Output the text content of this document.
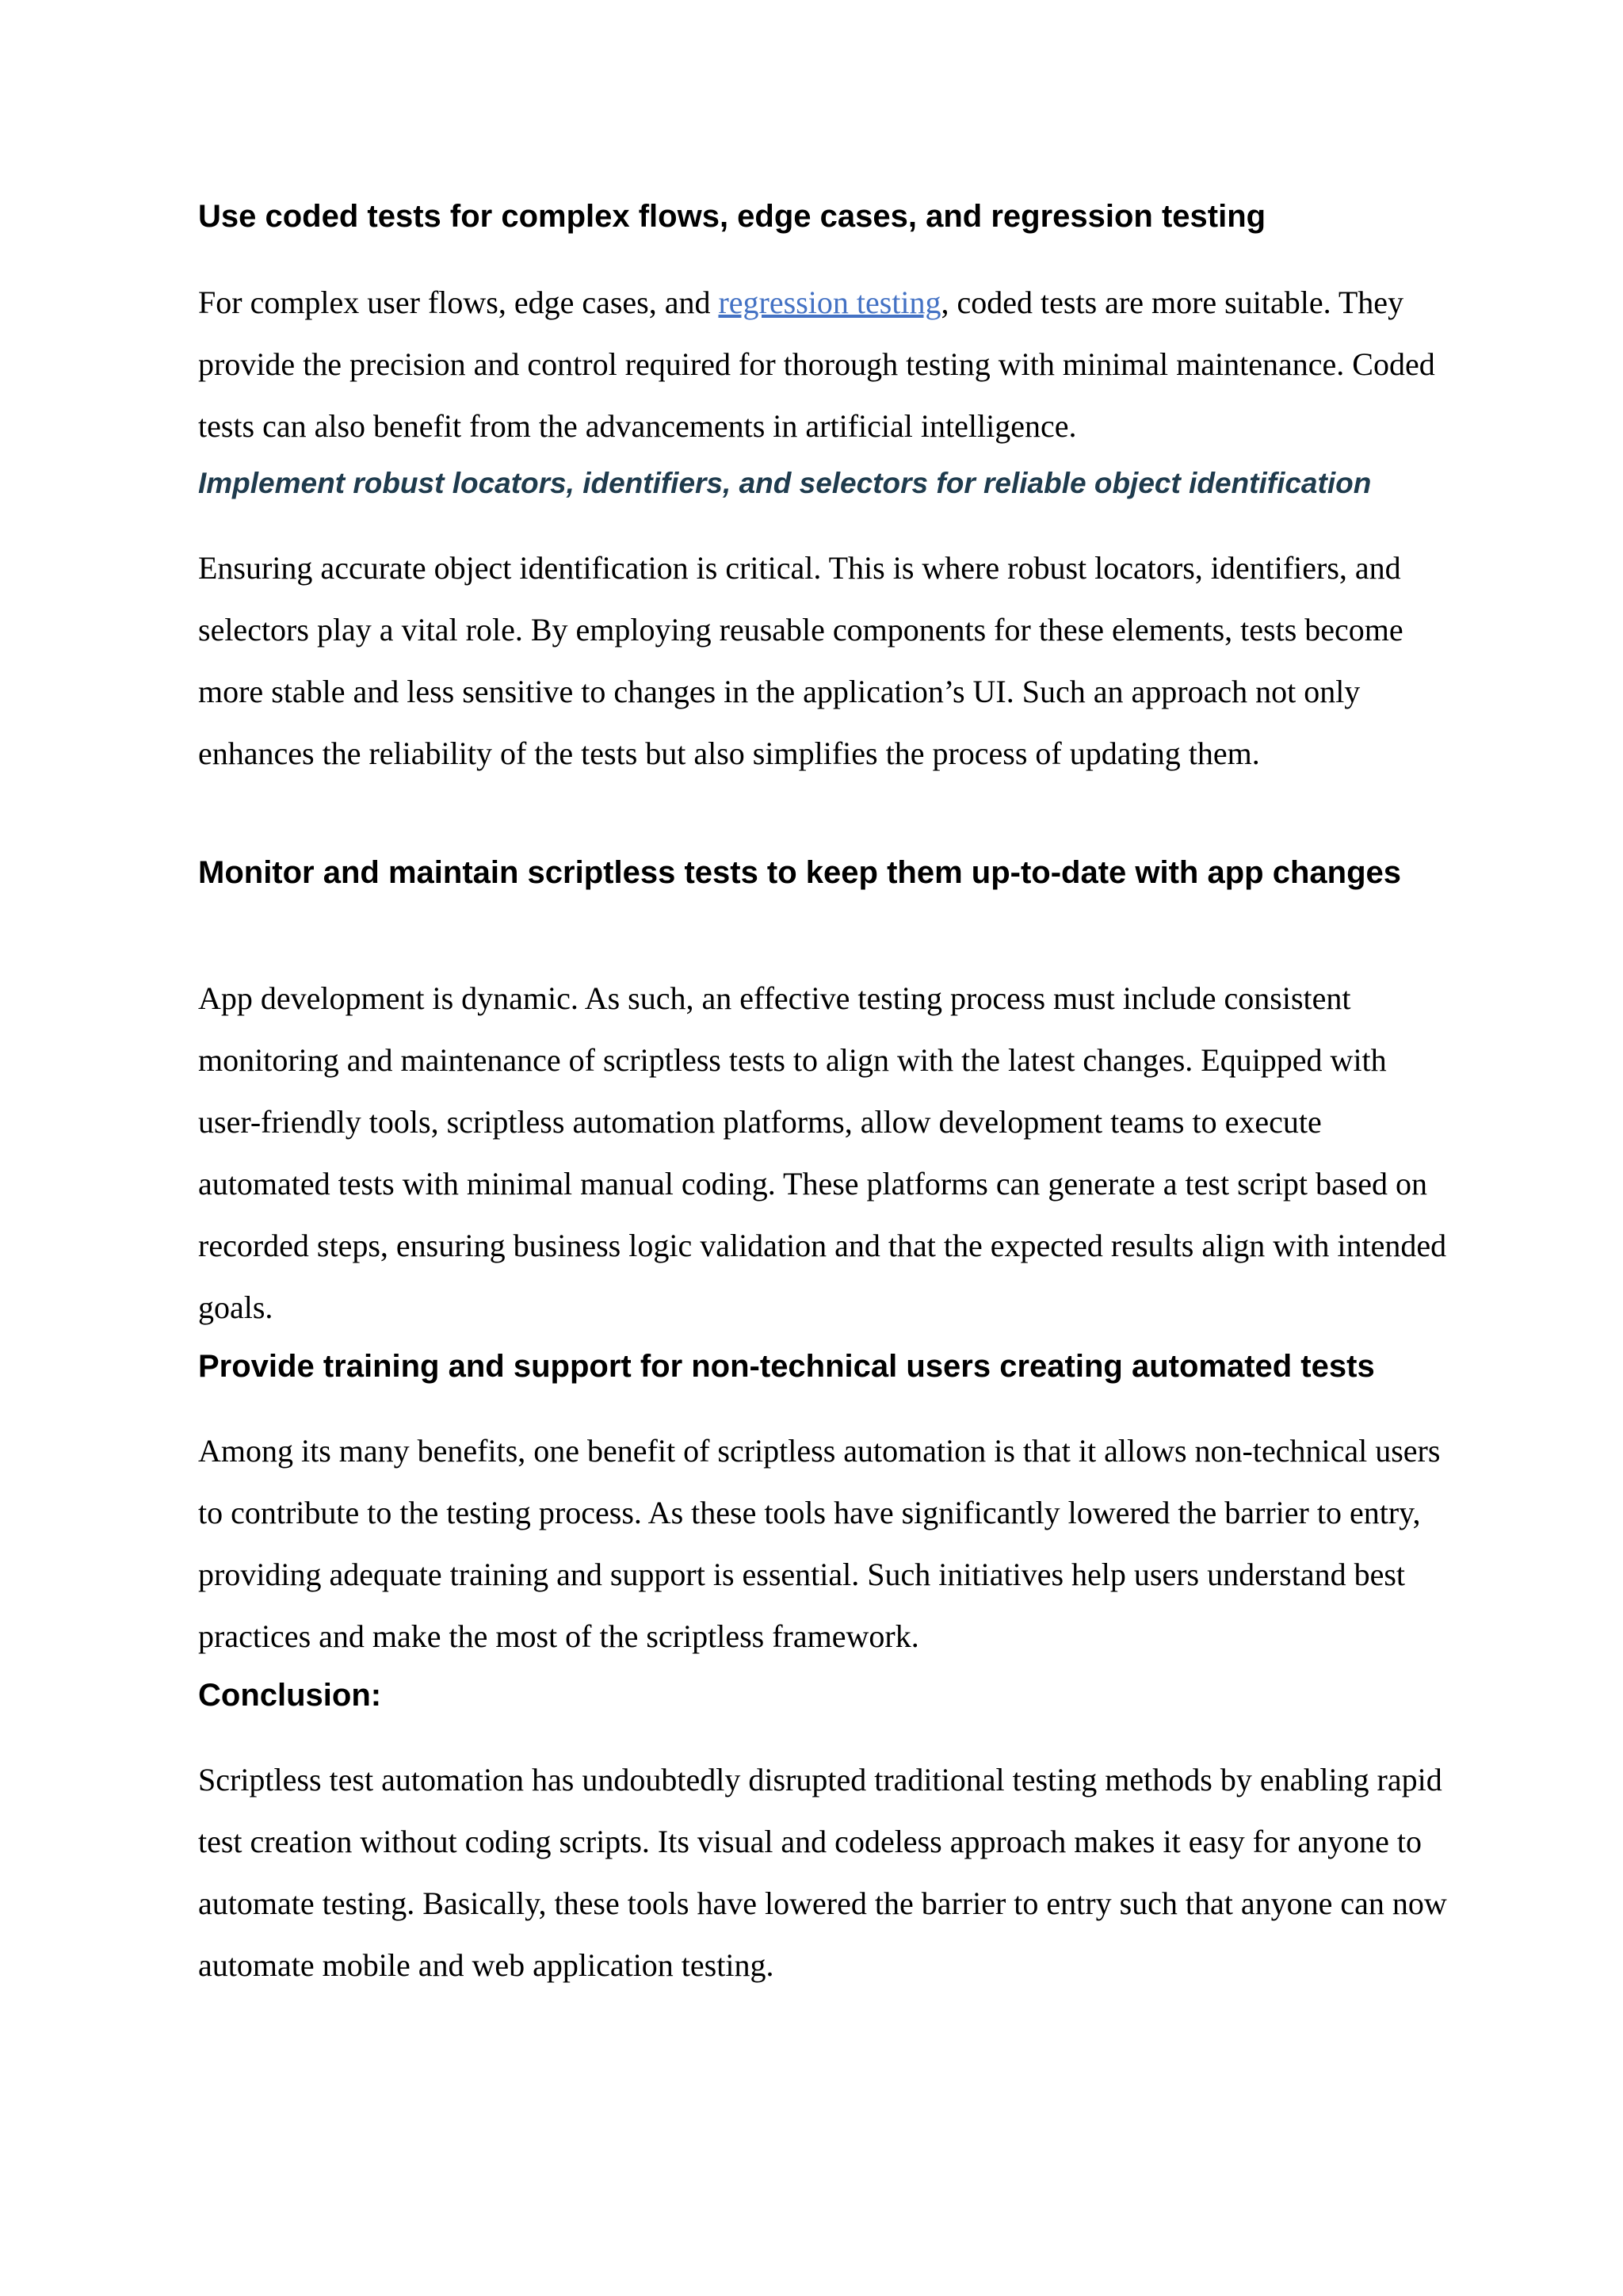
Use coded tests for complex flows, edge cases, and regression testing

For complex user flows, edge cases, and regression testing, coded tests are more suitable. They provide the precision and control required for thorough testing with minimal maintenance. Coded tests can also benefit from the advancements in artificial intelligence.

Implement robust locators, identifiers, and selectors for reliable object identification

Ensuring accurate object identification is critical. This is where robust locators, identifiers, and selectors play a vital role. By employing reusable components for these elements, tests become more stable and less sensitive to changes in the application’s UI. Such an approach not only enhances the reliability of the tests but also simplifies the process of updating them.

Monitor and maintain scriptless tests to keep them up-to-date with app changes

App development is dynamic. As such, an effective testing process must include consistent monitoring and maintenance of scriptless tests to align with the latest changes. Equipped with user-friendly tools, scriptless automation platforms, allow development teams to execute automated tests with minimal manual coding. These platforms can generate a test script based on recorded steps, ensuring business logic validation and that the expected results align with intended goals.

Provide training and support for non-technical users creating automated tests

Among its many benefits, one benefit of scriptless automation is that it allows non-technical users to contribute to the testing process. As these tools have significantly lowered the barrier to entry, providing adequate training and support is essential. Such initiatives help users understand best practices and make the most of the scriptless framework.

Conclusion:

Scriptless test automation has undoubtedly disrupted traditional testing methods by enabling rapid test creation without coding scripts. Its visual and codeless approach makes it easy for anyone to automate testing. Basically, these tools have lowered the barrier to entry such that anyone can now automate mobile and web application testing.
